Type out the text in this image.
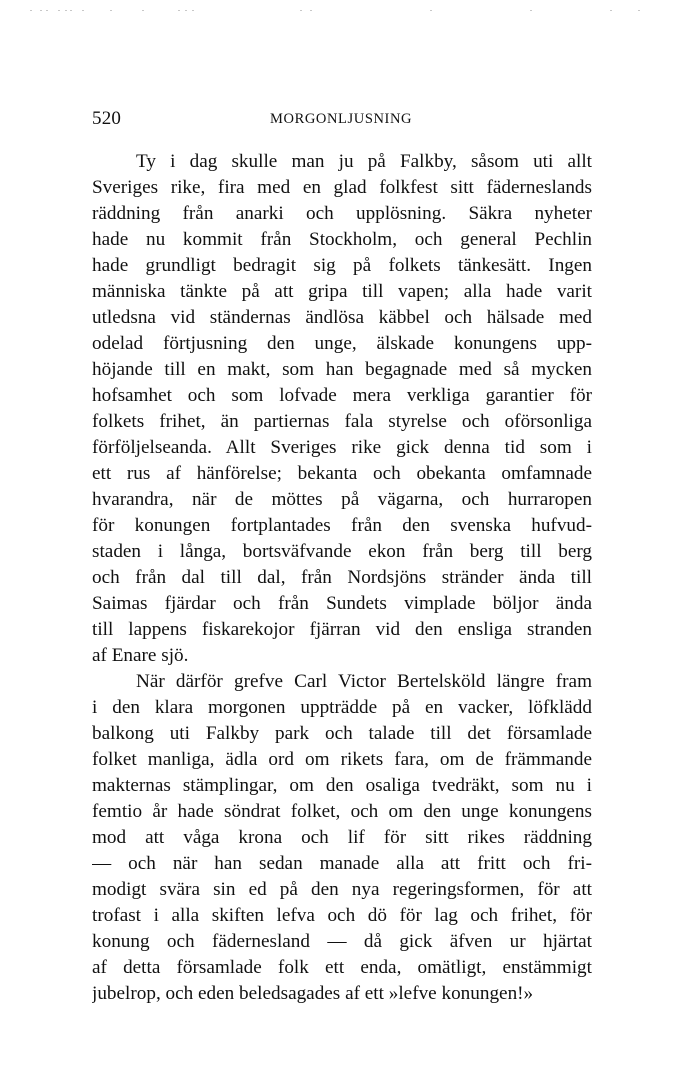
520	MORGONLJUSNING
Ty i dag skulle man ju på Falkby, såsom uti allt
Sveriges rike, fira med en glad folkfest sitt fäderneslands
räddning från anarki och upplösning. Säkra nyheter
hade nu kommit från Stockholm, och general Pechlin
hade grundligt bedragit sig på folkets tänkesätt. Ingen
människa tänkte på att gripa till vapen; alla hade varit
utledsna vid ständernas ändlösa käbbel och hälsade med
odelad förtjusning den unge, älskade konungens upp-
höjande till en makt, som han begagnade med så mycken
hofsamhet och som lofvade mera verkliga garantier för
folkets frihet, än partiernas fala styrelse och oförsonliga
förföljelseanda. Allt Sveriges rike gick denna tid som i
ett rus af hänförelse; bekanta och obekanta omfamnade
hvarandra, när de möttes på vägarna, och hurraropen
för konungen fortplantades från den svenska hufvud-
staden i långa, bortsväfvande ekon från berg till berg
och från dal till dal, från Nordsjöns stränder ända till
Saimas fjärdar och från Sundets vimplade böljor ända
till lappens fiskarekojor fjärran vid den ensliga stranden
af Enare sjö.
När därför grefve Carl Victor Bertelsköld längre fram
i den klara morgonen uppträdde på en vacker, löfklädd
balkong uti Falkby park och talade till det församlade
folket manliga, ädla ord om rikets fara, om de främmande
makternas stämplingar, om den osaliga tvedräkt, som nu i
femtio år hade söndrat folket, och om den unge konungens
mod att våga krona och lif för sitt rikes räddning
— och när han sedan manade alla att fritt och fri-
modigt svära sin ed på den nya regeringsformen, för att
trofast i alla skiften lefva och dö för lag och frihet, för
konung och fädernesland — då gick äfven ur hjärtat
af detta församlade folk ett enda, omätligt, enstämmigt
jubelrop, och eden beledsagades af ett »lefve konungen!»
